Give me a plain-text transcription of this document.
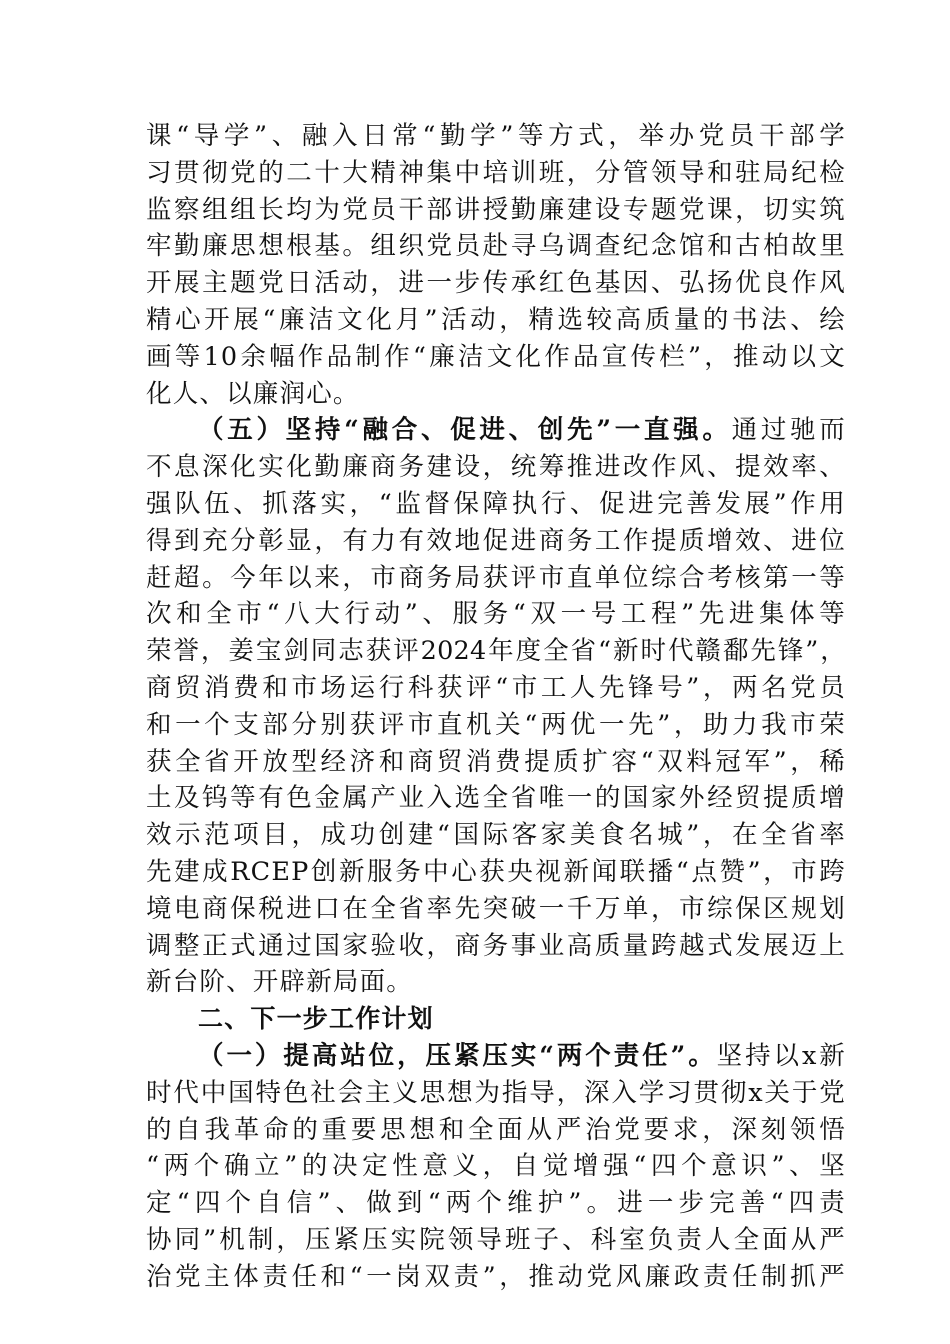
课“导学”、融入日常“勤学”等方式，举办党员干部学
习贯彻党的二十大精神集中培训班，分管领导和驻局纪检
监察组组长均为党员干部讲授勤廉建设专题党课，切实筑
牢勤廉思想根基。组织党员赴寻乌调查纪念馆和古柏故里
开展主题党日活动，进一步传承红色基因、弘扬优良作风
精心开展“廉洁文化月”活动，精选较高质量的书法、绘
画等10余幅作品制作“廉洁文化作品宣传栏”，推动以文
化人、以廉润心。
（五）坚持“融合、促进、创先”一直强。通过驰而
不息深化实化勤廉商务建设，统筹推进改作风、提效率、
强队伍、抓落实，“监督保障执行、促进完善发展”作用
得到充分彰显，有力有效地促进商务工作提质增效、进位
赶超。今年以来，市商务局获评市直单位综合考核第一等
次和全市“八大行动”、服务“双一号工程”先进集体等
荣誉，姜宝剑同志获评2024年度全省“新时代赣鄱先锋”，
商贸消费和市场运行科获评“市工人先锋号”，两名党员
和一个支部分别获评市直机关“两优一先”，助力我市荣
获全省开放型经济和商贸消费提质扩容“双料冠军”，稀
土及钨等有色金属产业入选全省唯一的国家外经贸提质增
效示范项目，成功创建“国际客家美食名城”，在全省率
先建成RCEP创新服务中心获央视新闻联播“点赞”，市跨
境电商保税进口在全省率先突破一千万单，市综保区规划
调整正式通过国家验收，商务事业高质量跨越式发展迈上
新台阶、开辟新局面。
二、下一步工作计划
（一）提高站位，压紧压实“两个责任”。坚持以x新
时代中国特色社会主义思想为指导，深入学习贯彻x关于党
的自我革命的重要思想和全面从严治党要求，深刻领悟
“两个确立”的决定性意义，自觉增强“四个意识”、坚
定“四个自信”、做到“两个维护”。进一步完善“四责
协同”机制，压紧压实院领导班子、科室负责人全面从严
治党主体责任和“一岗双责”，推动党风廉政责任制抓严
